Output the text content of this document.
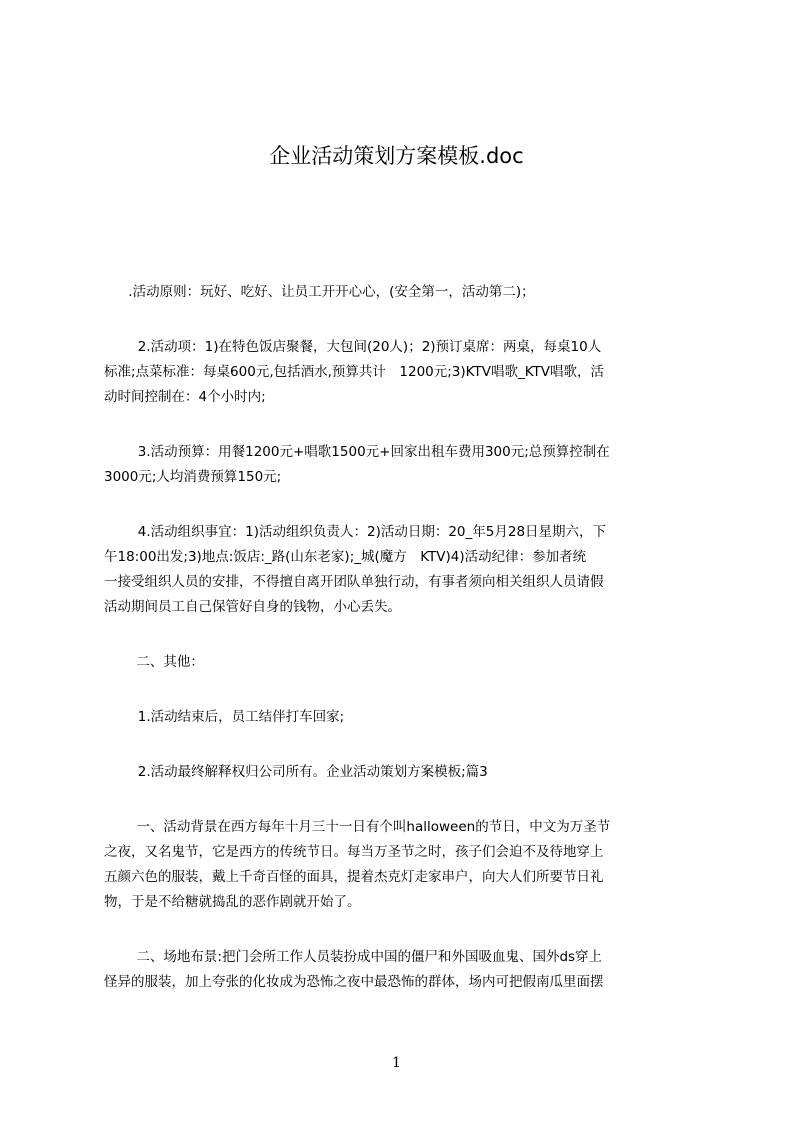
企业活动策划方案模板.doc
.活动原则：玩好、吃好、让员工开开心心，(安全第一，活动第二)；
2.活动项：1)在特色饭店聚餐，大包间(20人)；2)预订桌席：两桌，每桌10人
标准;点菜标准：每桌600元,包括酒水,预算共计　1200元;3)KTV唱歌_KTV唱歌，活
动时间控制在：4个小时内;
3.活动预算：用餐1200元+唱歌1500元+回家出租车费用300元;总预算控制在
3000元;人均消费预算150元;
4.活动组织事宜：1)活动组织负责人：2)活动日期：20_年5月28日星期六，下
午18:00出发;3)地点:饭店:_路(山东老家);_城(魔方　KTV)4)活动纪律：参加者统
一接受组织人员的安排，不得擅自离开团队单独行动，有事者须向相关组织人员请假
活动期间员工自己保管好自身的钱物，小心丢失。
二、其他：
1.活动结束后，员工结伴打车回家;
2.活动最终解释权归公司所有。企业活动策划方案模板;篇3
一、活动背景在西方每年十月三十一日有个叫halloween的节日，中文为万圣节
之夜，又名鬼节，它是西方的传统节日。每当万圣节之时，孩子们会迫不及待地穿上
五颜六色的服装，戴上千奇百怪的面具，提着杰克灯走家串户，向大人们所要节日礼
物，于是不给糖就捣乱的恶作剧就开始了。
二、场地布景:把门会所工作人员装扮成中国的僵尸和外国吸血鬼、国外ds穿上
怪异的服装，加上夸张的化妆成为恐怖之夜中最恐怖的群体，场内可把假南瓜里面摆
1
